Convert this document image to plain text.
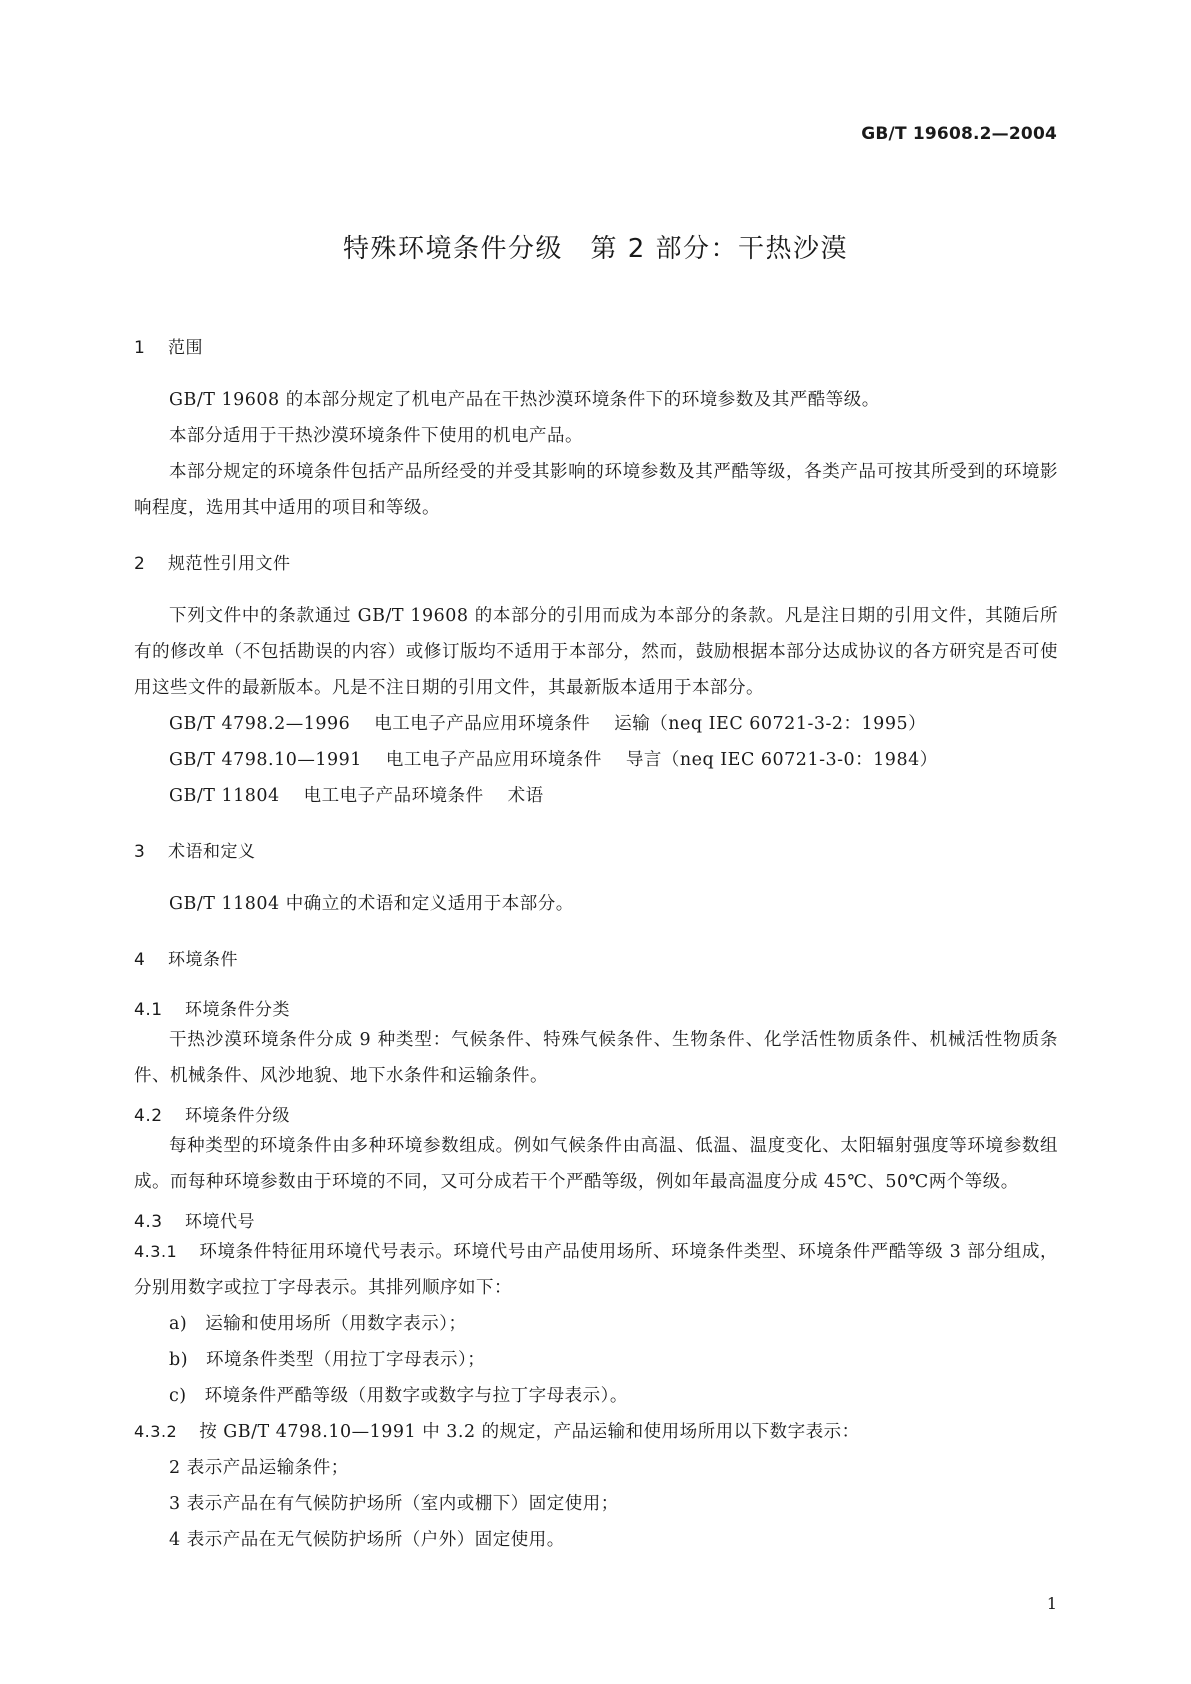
GB/T 19608.2—2004
特殊环境条件分级　第 2 部分：干热沙漠
1	范围

GB/T 19608 的本部分规定了机电产品在干热沙漠环境条件下的环境参数及其严酷等级。

本部分适用于干热沙漠环境条件下使用的机电产品。

本部分规定的环境条件包括产品所经受的并受其影响的环境参数及其严酷等级，各类产品可按其所受到的环境影响程度，选用其中适用的项目和等级。

2	规范性引用文件

下列文件中的条款通过 GB/T 19608 的本部分的引用而成为本部分的条款。凡是注日期的引用文件，其随后所有的修改单（不包括勘误的内容）或修订版均不适用于本部分，然而，鼓励根据本部分达成协议的各方研究是否可使用这些文件的最新版本。凡是不注日期的引用文件，其最新版本适用于本部分。

GB/T 4798.2—1996 电工电子产品应用环境条件 运输（neq IEC 60721-3-2：1995）

GB/T 4798.10—1991 电工电子产品应用环境条件 导言（neq IEC 60721-3-0：1984）

GB/T 11804 电工电子产品环境条件 术语

3	术语和定义

GB/T 11804 中确立的术语和定义适用于本部分。

4	环境条件
4.1	环境条件分类

干热沙漠环境条件分成 9 种类型：气候条件、特殊气候条件、生物条件、化学活性物质条件、机械活性物质条件、机械条件、风沙地貌、地下水条件和运输条件。

4.2	环境条件分级

每种类型的环境条件由多种环境参数组成。例如气候条件由高温、低温、温度变化、太阳辐射强度等环境参数组成。而每种环境参数由于环境的不同，又可分成若干个严酷等级，例如年最高温度分成 45℃、50℃两个等级。

4.3	环境代号

4.3.1 环境条件特征用环境代号表示。环境代号由产品使用场所、环境条件类型、环境条件严酷等级 3 部分组成，分别用数字或拉丁字母表示。其排列顺序如下：

a)　运输和使用场所（用数字表示）；

b)　环境条件类型（用拉丁字母表示）；

c)　环境条件严酷等级（用数字或数字与拉丁字母表示）。

4.3.2 按 GB/T 4798.10—1991 中 3.2 的规定，产品运输和使用场所用以下数字表示：

2 表示产品运输条件；

3 表示产品在有气候防护场所（室内或棚下）固定使用；

4 表示产品在无气候防护场所（户外）固定使用。

1
